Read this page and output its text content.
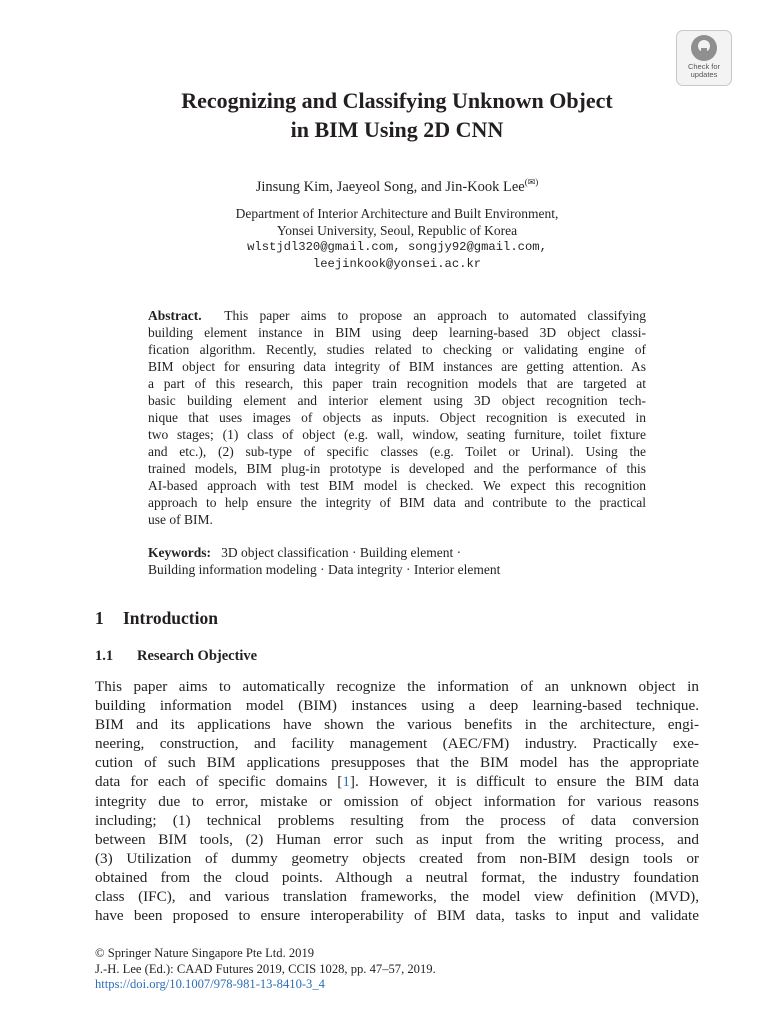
Check for
updates
Recognizing and Classifying Unknown Object
in BIM Using 2D CNN
Jinsung Kim, Jaeyeol Song, and Jin-Kook Lee(✉)
Department of Interior Architecture and Built Environment,
Yonsei University, Seoul, Republic of Korea
wlstjdl320@gmail.com, songjy92@gmail.com,
leejinkook@yonsei.ac.kr
Abstract. This paper aims to propose an approach to automated classifying
building element instance in BIM using deep learning-based 3D object classi-
fication algorithm. Recently, studies related to checking or validating engine of
BIM object for ensuring data integrity of BIM instances are getting attention. As
a part of this research, this paper train recognition models that are targeted at
basic building element and interior element using 3D object recognition tech-
nique that uses images of objects as inputs. Object recognition is executed in
two stages; (1) class of object (e.g. wall, window, seating furniture, toilet fixture
and etc.), (2) sub-type of specific classes (e.g. Toilet or Urinal). Using the
trained models, BIM plug-in prototype is developed and the performance of this
AI-based approach with test BIM model is checked. We expect this recognition
approach to help ensure the integrity of BIM data and contribute to the practical
use of BIM.
Keywords: 3D object classification · Building element ·
Building information modeling · Data integrity · Interior element
1 Introduction
1.1 Research Objective
This paper aims to automatically recognize the information of an unknown object in
building information model (BIM) instances using a deep learning-based technique.
BIM and its applications have shown the various benefits in the architecture, engi-
neering, construction, and facility management (AEC/FM) industry. Practically exe-
cution of such BIM applications presupposes that the BIM model has the appropriate
data for each of specific domains [1]. However, it is difficult to ensure the BIM data
integrity due to error, mistake or omission of object information for various reasons
including; (1) technical problems resulting from the process of data conversion
between BIM tools, (2) Human error such as input from the writing process, and
(3) Utilization of dummy geometry objects created from non-BIM design tools or
obtained from the cloud points. Although a neutral format, the industry foundation
class (IFC), and various translation frameworks, the model view definition (MVD),
have been proposed to ensure interoperability of BIM data, tasks to input and validate
© Springer Nature Singapore Pte Ltd. 2019
J.-H. Lee (Ed.): CAAD Futures 2019, CCIS 1028, pp. 47–57, 2019.
https://doi.org/10.1007/978-981-13-8410-3_4
